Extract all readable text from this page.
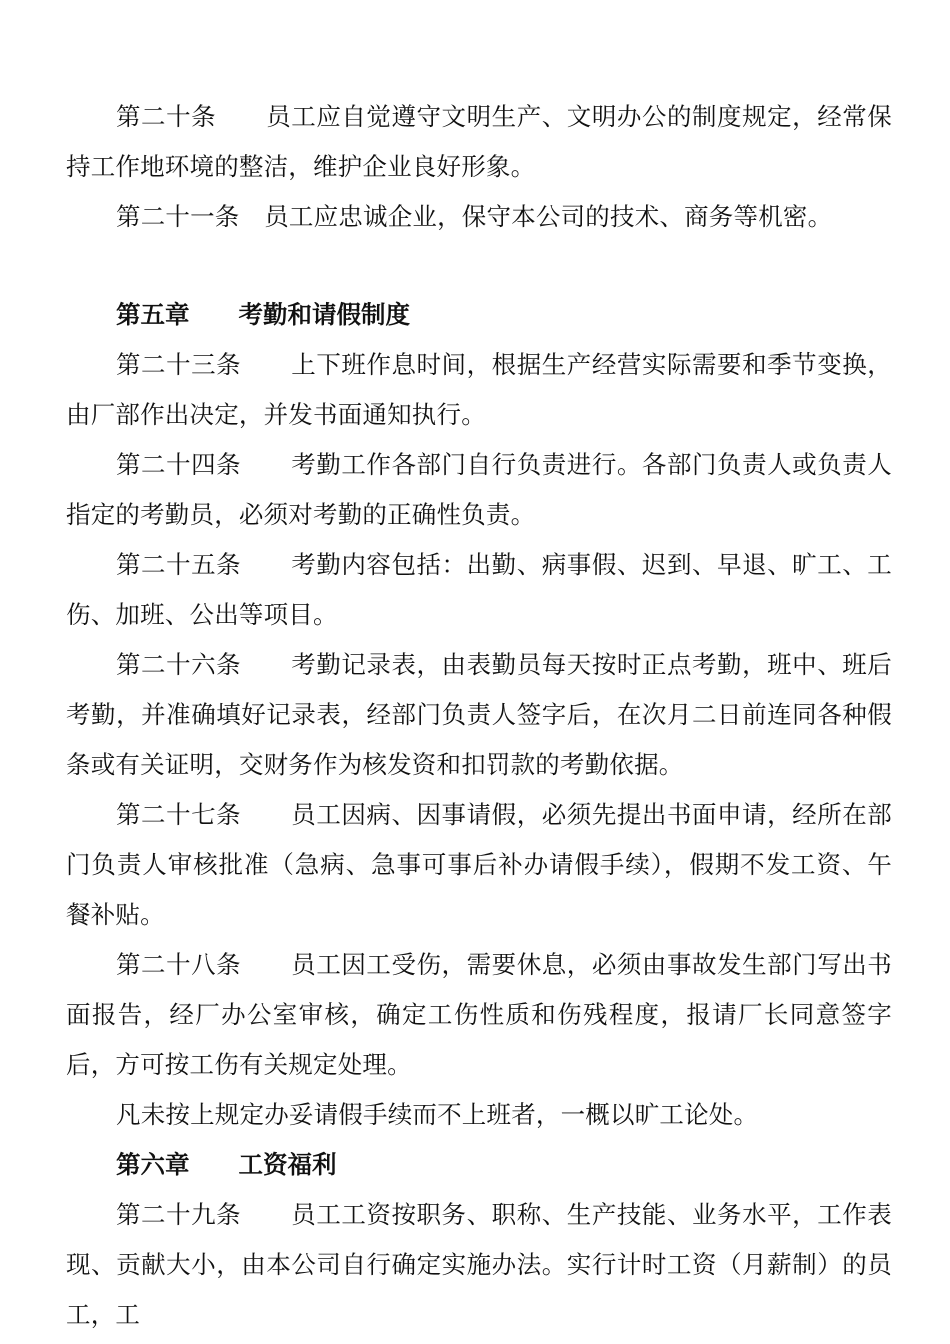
第二十条　　员工应自觉遵守文明生产、文明办公的制度规定，经常保持工作地环境的整洁，维护企业良好形象。

第二十一条　员工应忠诚企业，保守本公司的技术、商务等机密。

第五章　　考勤和请假制度

第二十三条　　上下班作息时间，根据生产经营实际需要和季节变换，由厂部作出决定，并发书面通知执行。

第二十四条　　考勤工作各部门自行负责进行。各部门负责人或负责人指定的考勤员，必须对考勤的正确性负责。

第二十五条　　考勤内容包括：出勤、病事假、迟到、早退、旷工、工伤、加班、公出等项目。

第二十六条　　考勤记录表，由表勤员每天按时正点考勤，班中、班后考勤，并准确填好记录表，经部门负责人签字后，在次月二日前连同各种假条或有关证明，交财务作为核发资和扣罚款的考勤依据。

第二十七条　　员工因病、因事请假，必须先提出书面申请，经所在部门负责人审核批准（急病、急事可事后补办请假手续），假期不发工资、午餐补贴。

第二十八条　　员工因工受伤，需要休息，必须由事故发生部门写出书面报告，经厂办公室审核，确定工伤性质和伤残程度，报请厂长同意签字后，方可按工伤有关规定处理。

凡未按上规定办妥请假手续而不上班者，一概以旷工论处。

第六章　　工资福利

第二十九条　　员工工资按职务、职称、生产技能、业务水平，工作表现、贡献大小，由本公司自行确定实施办法。实行计时工资（月薪制）的员工，工
